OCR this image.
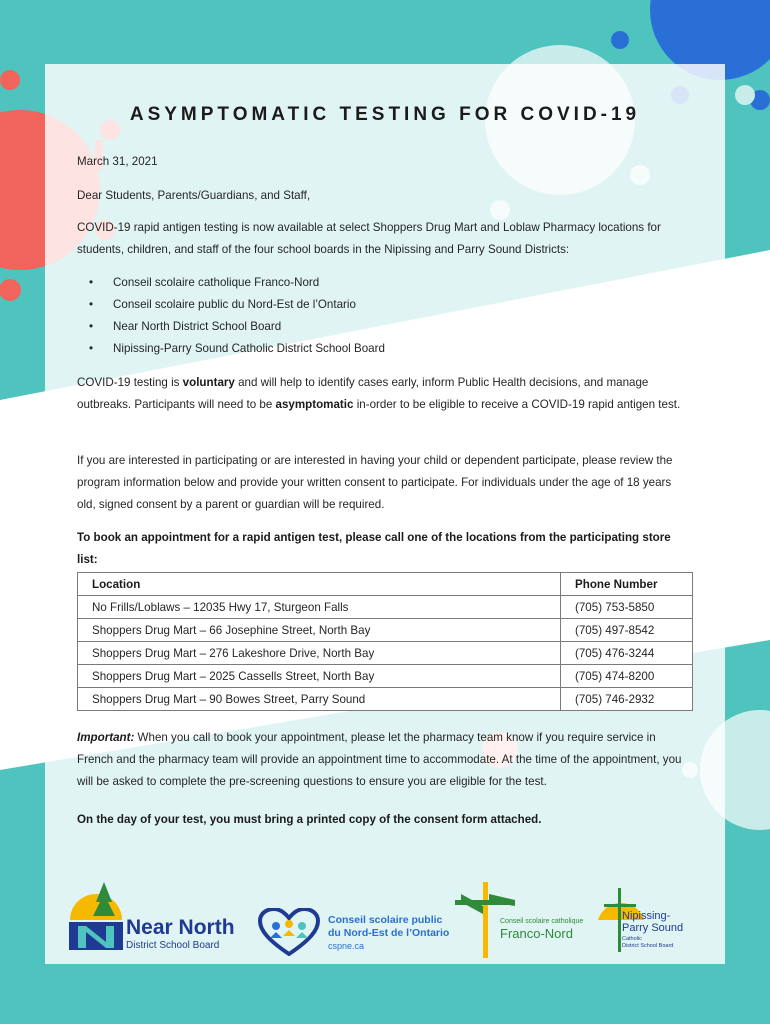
ASYMPTOMATIC TESTING FOR COVID-19
March 31, 2021
Dear Students, Parents/Guardians, and Staff,
COVID-19 rapid antigen testing is now available at select Shoppers Drug Mart and Loblaw Pharmacy locations for students, children, and staff of the four school boards in the Nipissing and Parry Sound Districts:
• Conseil scolaire catholique Franco-Nord
• Conseil scolaire public du Nord-Est de l’Ontario
• Near North District School Board
• Nipissing-Parry Sound Catholic District School Board
COVID-19 testing is voluntary and will help to identify cases early, inform Public Health decisions, and manage outbreaks. Participants will need to be asymptomatic in-order to be eligible to receive a COVID-19 rapid antigen test.
If you are interested in participating or are interested in having your child or dependent participate, please review the program information below and provide your written consent to participate. For individuals under the age of 18 years old, signed consent by a parent or guardian will be required.
To book an appointment for a rapid antigen test, please call one of the locations from the participating store list:
Location	Phone Number
No Frills/Loblaws – 12035 Hwy 17, Sturgeon Falls	(705) 753-5850
Shoppers Drug Mart – 66 Josephine Street, North Bay	(705) 497-8542
Shoppers Drug Mart – 276 Lakeshore Drive, North Bay	(705) 476-3244
Shoppers Drug Mart – 2025 Cassells Street, North Bay	(705) 474-8200
Shoppers Drug Mart – 90 Bowes Street, Parry Sound	(705) 746-2932
Important: When you call to book your appointment, please let the pharmacy team know if you require service in French and the pharmacy team will provide an appointment time to accommodate. At the time of the appointment, you will be asked to complete the pre-screening questions to ensure you are eligible for the test.
On the day of your test, you must bring a printed copy of the consent form attached.
Near North
District School Board
Conseil scolaire public
du Nord-Est de l’Ontario
cspne.ca
Conseil scolaire catholique
Franco-Nord
Nipissing-
Parry Sound
Catholic
District School Board
